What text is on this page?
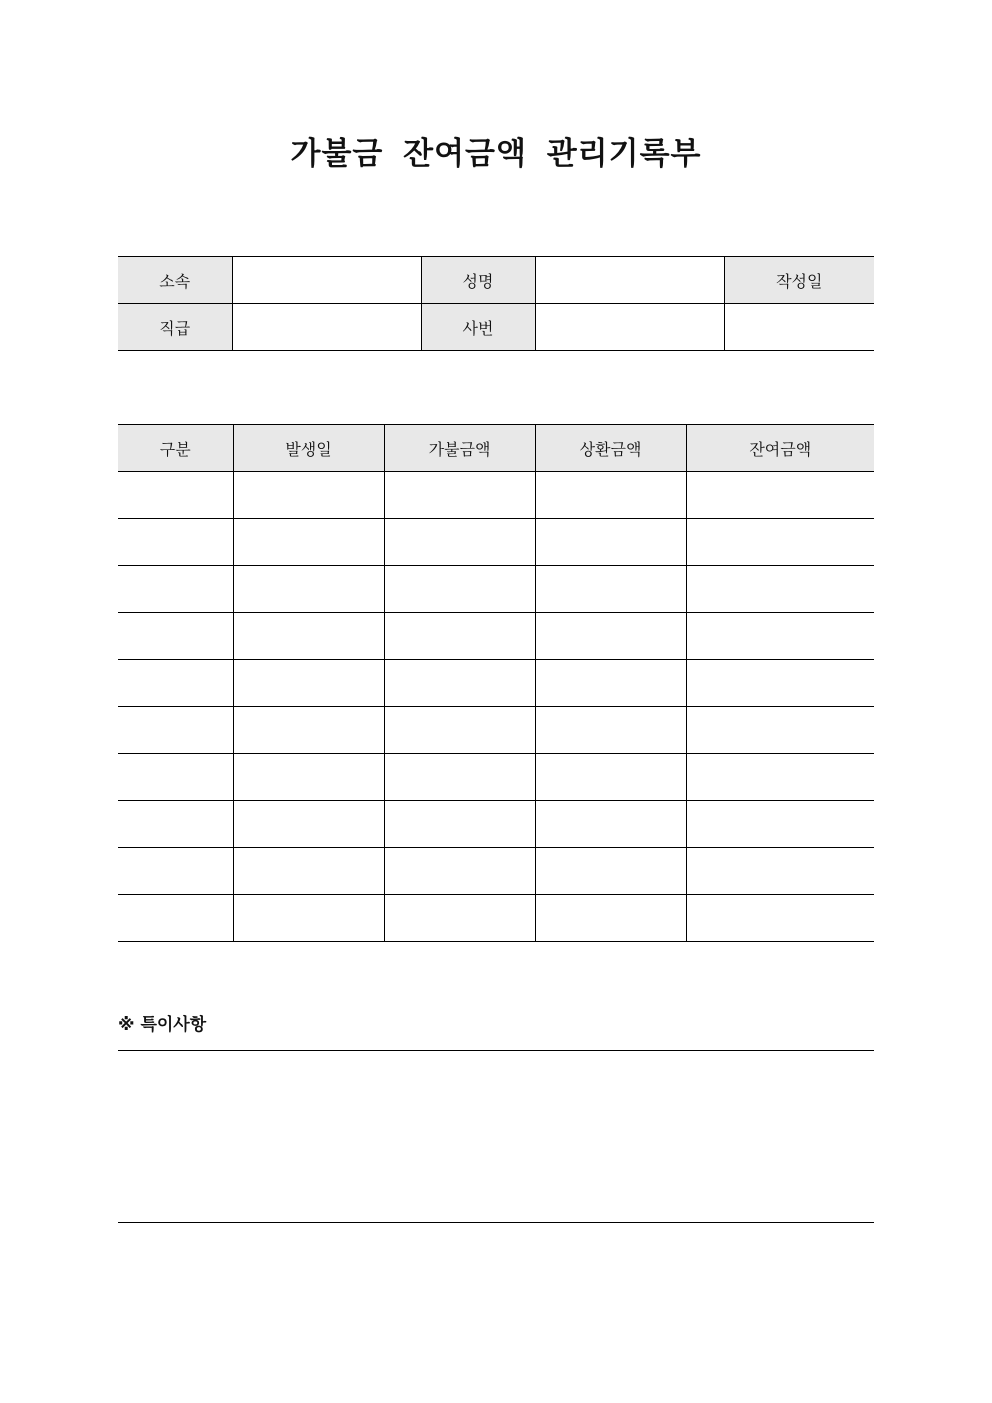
가불금 잔여금액 관리기록부
소속		성명		작성일
직급		사번		
구분	발생일	가불금액	상환금액	잔여금액

※ 특이사항
